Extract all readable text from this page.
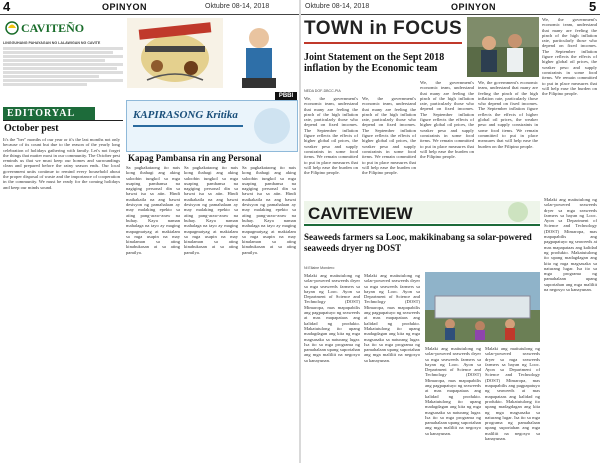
4	OPINYON	Oktubre 08-14, 2018
CAVITEÑO
LINGGUHANG PAHAYAGAN NG LALAWIGAN NG CAVITE
PBBI
EDITORYAL
October pest
It's the "ber" months of our year or it's the last months not only because of its count but due to the reason of the yearly long celebration of holidays gathering with family. Let's not forget the things that matter most in our community. The October pest reminds us that we must keep our homes and surroundings clean and prepared before the rainy season ends. Our local government units continue to remind every household about the proper disposal of waste and the importance of cooperation in the community. We must be ready for the coming holidays and keep our minds sound.
KAPIRASONG Kritika
Kapag Pambansa rin ang Personal
Sa pagkakataong ito nais kong ibahagi ang aking saloobin tungkol sa mga usaping pambansa na nagiging personal din sa bawat isa sa atin. Hindi maikakaila na ang bawat desisyon ng pamahalaan ay may malaking epekto sa ating pang-araw-araw na buhay. Kaya naman mahalaga na tayo ay maging mapagmatyag at makialam sa mga usapin na may kinalaman sa ating kinabukasan at sa ating pamilya.
Sa pagkakataong ito nais kong ibahagi ang aking saloobin tungkol sa mga usaping pambansa na nagiging personal din sa bawat isa sa atin. Hindi maikakaila na ang bawat desisyon ng pamahalaan ay may malaking epekto sa ating pang-araw-araw na buhay. Kaya naman mahalaga na tayo ay maging mapagmatyag at makialam sa mga usapin na may kinalaman sa ating kinabukasan at sa ating pamilya.
Sa pagkakataong ito nais kong ibahagi ang aking saloobin tungkol sa mga usaping pambansa na nagiging personal din sa bawat isa sa atin. Hindi maikakaila na ang bawat desisyon ng pamahalaan ay may malaking epekto sa ating pang-araw-araw na buhay. Kaya naman mahalaga na tayo ay maging mapagmatyag at makialam sa mga usapin na may kinalaman sa ating kinabukasan at sa ating pamilya.
Oktubre 08-14, 2018	OPINYON	5
TOWN in FOCUS
Joint Statement on the Sept 2018 inflation by the Economic team
NEDA DOF-DBCC-PIA
We, the government's economic team, understand that many are feeling the pinch of the high inflation rate, particularly those who depend on fixed incomes. The September inflation figure reflects the effects of higher global oil prices, the weaker peso and supply constraints in some food items. We remain committed to put in place measures that will help ease the burden on the Filipino people.
We, the government's economic team, understand that many are feeling the pinch of the high inflation rate, particularly those who depend on fixed incomes. The September inflation figure reflects the effects of higher global oil prices, the weaker peso and supply constraints in some food items. We remain committed to put in place measures that will help ease the burden on the Filipino people.
We, the government's economic team, understand that many are feeling the pinch of the high inflation rate, particularly those who depend on fixed incomes. The September inflation figure reflects the effects of higher global oil prices, the weaker peso and supply constraints in some food items. We remain committed to put in place measures that will help ease the burden on the Filipino people.
We, the government's economic team, understand that many are feeling the pinch of the high inflation rate, particularly those who depend on fixed incomes. The September inflation figure reflects the effects of higher global oil prices, the weaker peso and supply constraints in some food items. We remain committed to put in place measures that will help ease the burden on the Filipino people.
We, the government's economic team, understand that many are feeling the pinch of the high inflation rate, particularly those who depend on fixed incomes. The September inflation figure reflects the effects of higher global oil prices, the weaker peso and supply constraints in some food items. We remain committed to put in place measures that will help ease the burden on the Filipino people.
CAVITEVIEW
Seaweeds farmers sa Looc, makikinabang sa solar-powered seaweeds dryer ng DOST
Ni Ellaine Mondero
Malaki ang maitutulong ng solar-powered seaweeds dryer sa mga seaweeds farmers sa bayan ng Looc. Ayon sa Department of Science and Technology (DOST) Mimaropa, mas mapapabilis ang pagpapatuyo ng seaweeds at mas mapapataas ang kalidad ng produkto. Makatutulong ito upang madagdagan ang kita ng mga magsasaka sa naturang lugar. Isa ito sa mga programa ng pamahalaan upang suportahan ang mga maliliit na negosyo sa kanayunan.
Malaki ang maitutulong ng solar-powered seaweeds dryer sa mga seaweeds farmers sa bayan ng Looc. Ayon sa Department of Science and Technology (DOST) Mimaropa, mas mapapabilis ang pagpapatuyo ng seaweeds at mas mapapataas ang kalidad ng produkto. Makatutulong ito upang madagdagan ang kita ng mga magsasaka sa naturang lugar. Isa ito sa mga programa ng pamahalaan upang suportahan ang mga maliliit na negosyo sa kanayunan.
Malaki ang maitutulong ng solar-powered seaweeds dryer sa mga seaweeds farmers sa bayan ng Looc. Ayon sa Department of Science and Technology (DOST) Mimaropa, mas mapapabilis ang pagpapatuyo ng seaweeds at mas mapapataas ang kalidad ng produkto. Makatutulong ito upang madagdagan ang kita ng mga magsasaka sa naturang lugar. Isa ito sa mga programa ng pamahalaan upang suportahan ang mga maliliit na negosyo sa kanayunan.
Malaki ang maitutulong ng solar-powered seaweeds dryer sa mga seaweeds farmers sa bayan ng Looc. Ayon sa Department of Science and Technology (DOST) Mimaropa, mas mapapabilis ang pagpapatuyo ng seaweeds at mas mapapataas ang kalidad ng produkto. Makatutulong ito upang madagdagan ang kita ng mga magsasaka sa naturang lugar. Isa ito sa mga programa ng pamahalaan upang suportahan ang mga maliliit na negosyo sa kanayunan.
Malaki ang maitutulong ng solar-powered seaweeds dryer sa mga seaweeds farmers sa bayan ng Looc. Ayon sa Department of Science and Technology (DOST) Mimaropa, mas mapapabilis ang pagpapatuyo ng seaweeds at mas mapapataas ang kalidad ng produkto. Makatutulong ito upang madagdagan ang kita ng mga magsasaka sa naturang lugar. Isa ito sa mga programa ng pamahalaan upang suportahan ang mga maliliit na negosyo sa kanayunan.
